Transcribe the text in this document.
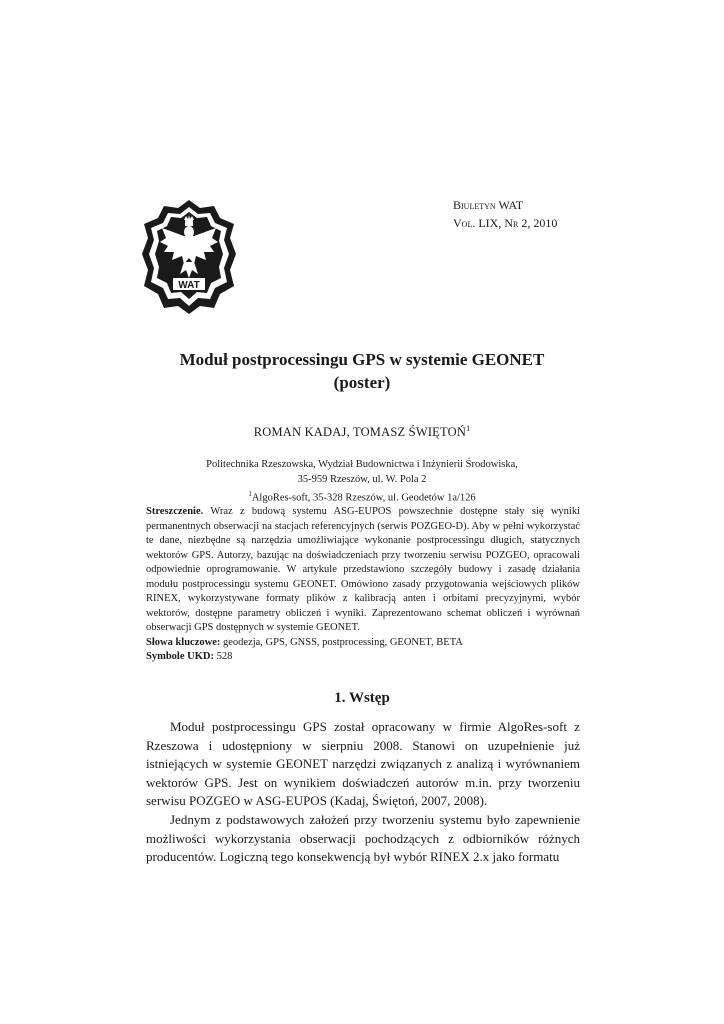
WAT
Biuletyn WAT
Vol. LIX, Nr 2, 2010
Moduł postprocessingu GPS w systemie GEONET
(poster)
ROMAN KADAJ, TOMASZ ŚWIĘTOŃ$^1$
Politechnika Rzeszowska, Wydział Budownictwa i Inżynierii Środowiska,
35-959 Rzeszów, ul. W. Pola 2
$^1$AlgoRes-soft, 35-328 Rzeszów, ul. Geodetów 1a/126

Streszczenie. Wraz z budową systemu ASG-EUPOS powszechnie dostępne stały się wyniki permanentnych obserwacji na stacjach referencyjnych (serwis POZGEO-D). Aby w pełni wykorzystać te dane, niezbędne są narzędzia umożliwiające wykonanie postprocessingu długich, statycznych wektorów GPS. Autorzy, bazując na doświadczeniach przy tworzeniu serwisu POZGEO, opracowali odpowiednie oprogramowanie. W artykule przedstawiono szczegóły budowy i zasadę działania modułu postprocessingu systemu GEONET. Omówiono zasady przygotowania wejściowych plików RINEX, wykorzystywane formaty plików z kalibracją anten i orbitami precyzyjnymi, wybór wektorów, dostępne parametry obliczeń i wyniki. Zaprezentowano schemat obliczeń i wyrównań obserwacji GPS dostępnych w systemie GEONET.

Słowa kluczowe: geodezja, GPS, GNSS, postprocessing, GEONET, BETA

Symbole UKD: 528

1. Wstęp

Moduł postprocessingu GPS został opracowany w firmie AlgoRes-soft z Rzeszowa i udostępniony w sierpniu 2008. Stanowi on uzupełnienie już istniejących w systemie GEONET narzędzi związanych z analizą i wyrównaniem wektorów GPS. Jest on wynikiem doświadczeń autorów m.in. przy tworzeniu serwisu POZGEO w ASG-EUPOS (Kadaj, Świętoń, 2007, 2008).

Jednym z podstawowych założeń przy tworzeniu systemu było zapewnienie możliwości wykorzystania obserwacji pochodzących z odbiorników różnych producentów. Logiczną tego konsekwencją był wybór RINEX 2.x jako formatu
